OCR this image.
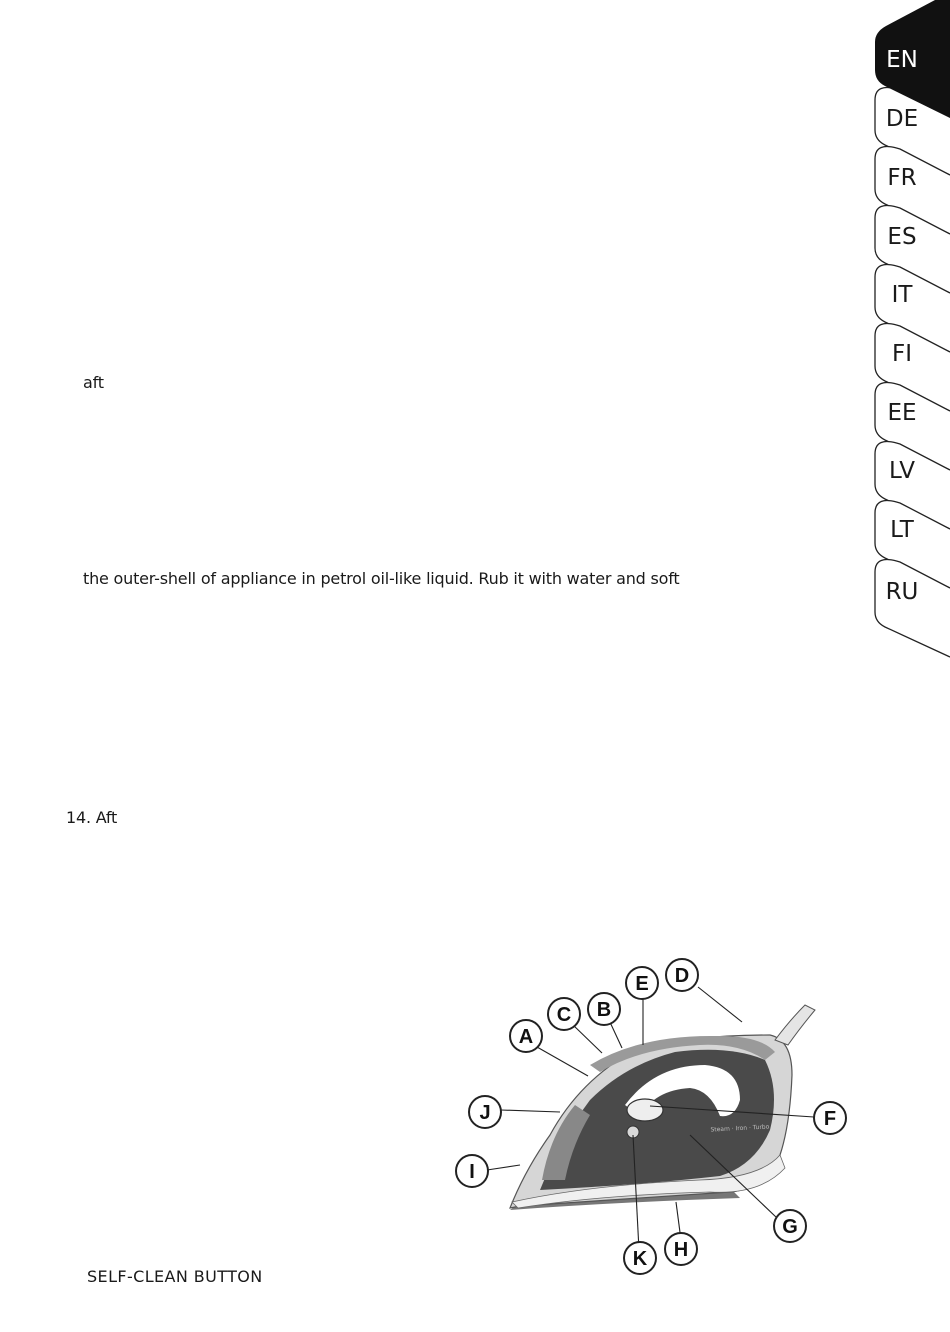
aft
the outer-shell of appliance in petrol oil-like liquid. Rub it with water and soft
14. Aft
SELF-CLEAN BUTTON
EN
DE
FR
ES
IT
FI
EE
LV
LT
RU
Steam · Iron · Turbo
A
B
C
D
E
F
G
H
I
J
K
